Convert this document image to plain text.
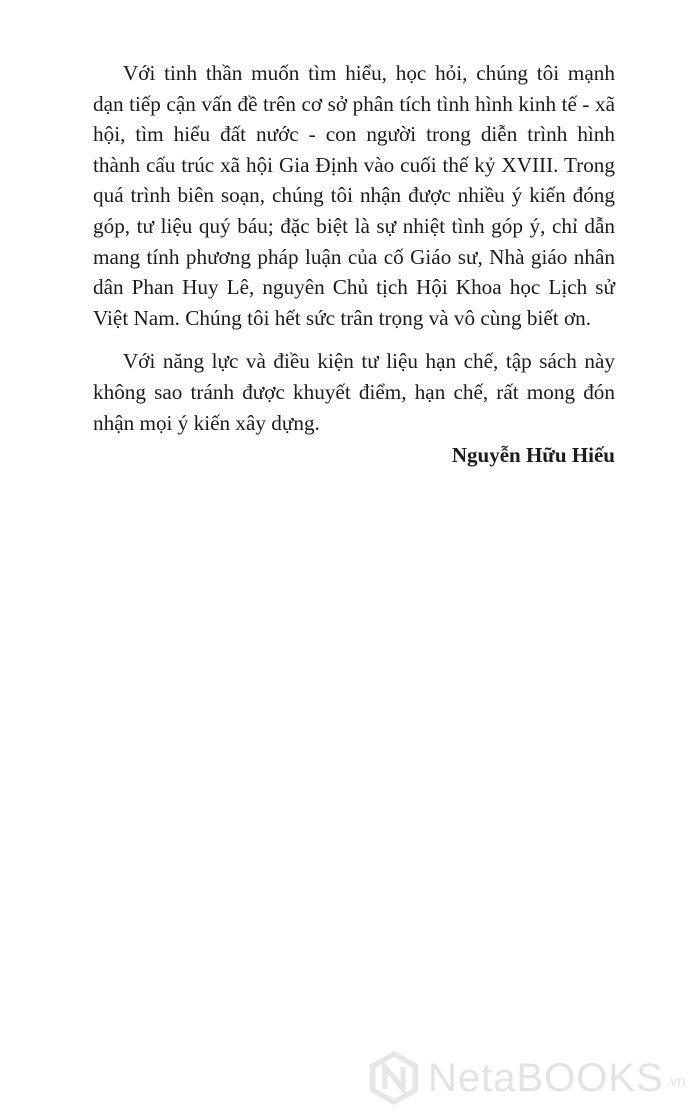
Với tinh thần muốn tìm hiểu, học hỏi, chúng tôi mạnh dạn tiếp cận vấn đề trên cơ sở phân tích tình hình kinh tế - xã hội, tìm hiểu đất nước - con người trong diễn trình hình thành cấu trúc xã hội Gia Định vào cuối thế kỷ XVIII. Trong quá trình biên soạn, chúng tôi nhận được nhiều ý kiến đóng góp, tư liệu quý báu; đặc biệt là sự nhiệt tình góp ý, chỉ dẫn mang tính phương pháp luận của cố Giáo sư, Nhà giáo nhân dân Phan Huy Lê, nguyên Chủ tịch Hội Khoa học Lịch sử Việt Nam. Chúng tôi hết sức trân trọng và vô cùng biết ơn.

Với năng lực và điều kiện tư liệu hạn chế, tập sách này không sao tránh được khuyết điểm, hạn chế, rất mong đón nhận mọi ý kiến xây dựng.

Nguyễn Hữu Hiếu
NetaBOOKS .vn
